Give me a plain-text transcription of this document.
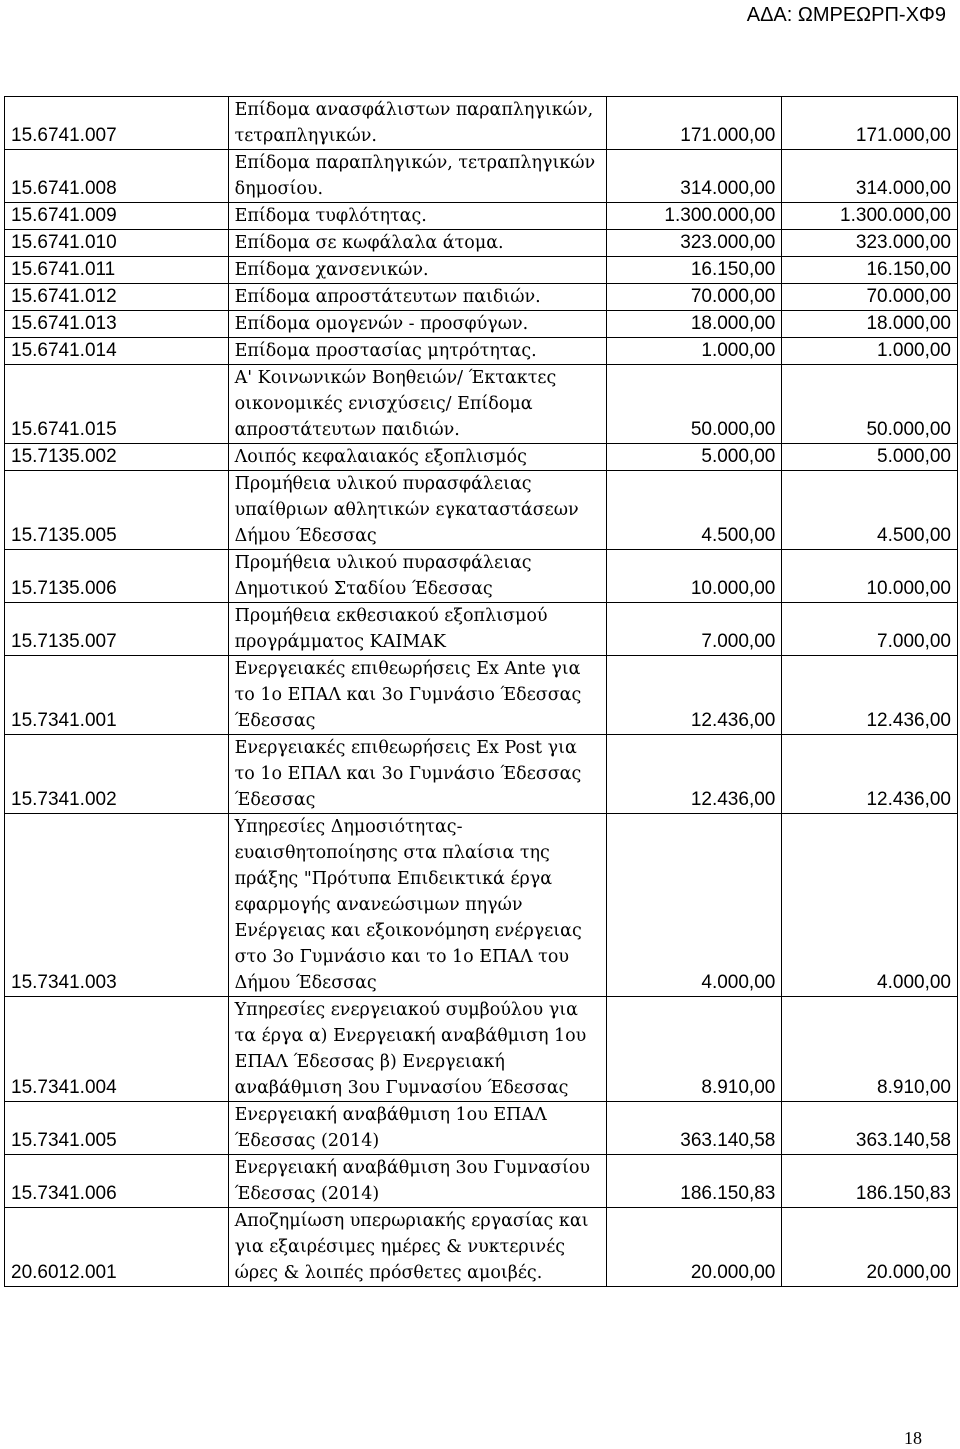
ΑΔΑ: ΩΜΡΕΩΡΠ-ΧΦ9
15.6741.007	Επίδομα ανασφάλιστων παραπληγικών, τετραπληγικών.	171.000,00	171.000,00
15.6741.008	Επίδομα παραπληγικών, τετραπληγικών δημοσίου.	314.000,00	314.000,00
15.6741.009	Επίδομα τυφλότητας.	1.300.000,00	1.300.000,00
15.6741.010	Επίδομα σε κωφάλαλα άτομα.	323.000,00	323.000,00
15.6741.011	Επίδομα χανσενικών.	16.150,00	16.150,00
15.6741.012	Επίδομα απροστάτευτων παιδιών.	70.000,00	70.000,00
15.6741.013	Επίδομα ομογενών - προσφύγων.	18.000,00	18.000,00
15.6741.014	Επίδομα προστασίας μητρότητας.	1.000,00	1.000,00
15.6741.015	Α' Κοινωνικών Βοηθειών/ Έκτακτες οικονομικές ενισχύσεις/ Επίδομα απροστάτευτων παιδιών.	50.000,00	50.000,00
15.7135.002	Λοιπός κεφαλαιακός εξοπλισμός	5.000,00	5.000,00
15.7135.005	Προμήθεια υλικού πυρασφάλειας υπαίθριων αθλητικών εγκαταστάσεων Δήμου Έδεσσας	4.500,00	4.500,00
15.7135.006	Προμήθεια υλικού πυρασφάλειας Δημοτικού Σταδίου Έδεσσας	10.000,00	10.000,00
15.7135.007	Προμήθεια εκθεσιακού εξοπλισμού προγράμματος ΚΑΙΜΑΚ	7.000,00	7.000,00
15.7341.001	Ενεργειακές επιθεωρήσεις Ex Ante για το 1ο ΕΠΑΛ και 3ο Γυμνάσιο Έδεσσας Έδεσσας	12.436,00	12.436,00
15.7341.002	Ενεργειακές επιθεωρήσεις Ex Post για το 1ο ΕΠΑΛ και 3ο Γυμνάσιο Έδεσσας Έδεσσας	12.436,00	12.436,00
15.7341.003	Υπηρεσίες Δημοσιότητας-ευαισθητοποίησης στα πλαίσια της πράξης "Πρότυπα Επιδεικτικά έργα εφαρμογής ανανεώσιμων πηγών Ενέργειας και εξοικονόμηση ενέργειας στο 3ο Γυμνάσιο και το 1ο ΕΠΑΛ του Δήμου Έδεσσας	4.000,00	4.000,00
15.7341.004	Υπηρεσίες ενεργειακού συμβούλου για τα έργα α) Ενεργειακή αναβάθμιση 1ου ΕΠΑΛ Έδεσσας β) Ενεργειακή αναβάθμιση 3ου Γυμνασίου Έδεσσας	8.910,00	8.910,00
15.7341.005	Ενεργειακή αναβάθμιση 1ου ΕΠΑΛ Έδεσσας (2014)	363.140,58	363.140,58
15.7341.006	Ενεργειακή αναβάθμιση 3ου Γυμνασίου Έδεσσας (2014)	186.150,83	186.150,83
20.6012.001	Αποζημίωση υπερωριακής εργασίας και για εξαιρέσιμες ημέρες & νυκτερινές ώρες & λοιπές πρόσθετες αμοιβές.	20.000,00	20.000,00
18
